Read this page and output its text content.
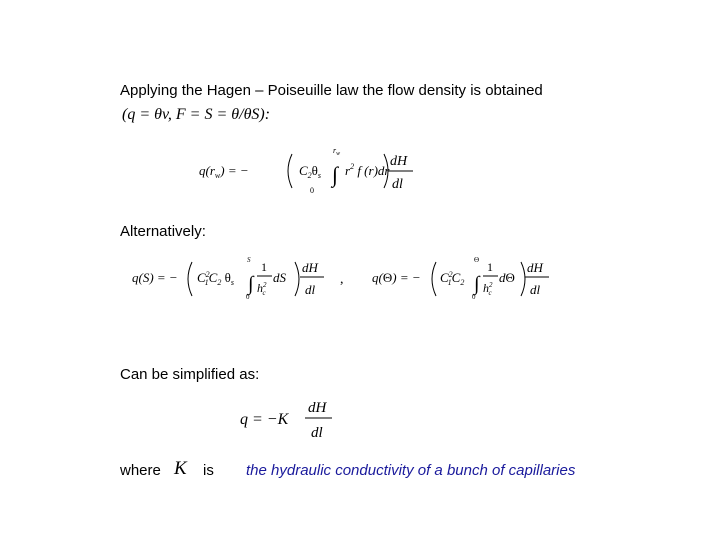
Applying the Hagen – Poiseuille law the flow density is obtained
(q = θv, F = S = θ/θS):
$q(r_w)$ = −	$C_2\theta_s$
$r_w$
∫
0
$r^2$ f (r)dr
dH
dl
Alternatively:
q(S) = − $C^2$ $1C_2$ $\theta_s$
S
∫
0
1
$h^2$ c
dS
dH
dl
, q(Θ) = − $C^2$ $1C_2$
Θ
∫
0
1
$h^2$ c
dΘ
dH
dl
Can be simplified as:
q = −K
dH
dl
where K is the hydraulic conductivity of a bunch of capillaries
